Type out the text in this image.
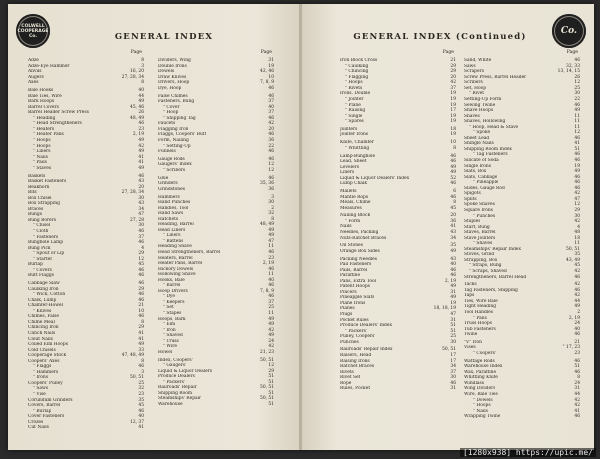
COLWELL
COOPERAGE
Co.	GENERAL INDEX
Page
Adze	8
Adze-Eye Hammer	3
Anvils	16, 20
Augers	27, 28, 34
Axes	8
Bale Hooks	40
Bale Ties, Wire	44
Bark Hoops	49
Barrel Covers	45, 46
Barrel Header Screw Press	26
" Heading	48, 49
" Head Strengtheners	46
" Heaters	23
" Heater Pans	2, 19
" Hoops	49
" Hoops	42
" Liners	49
" Nails	41
" Pails	41
" Staves	49
Baskets	46
Basket Fasteners	43
Beakhorn	20
Bits	27, 28, 34
Box Chisel	30
Box Strapping	43
Braces	34
Bungs	47
Bung Borers	27, 28
" Chisel	30
" Cloth	46
" Fasteners	37
Bunghole Lamp	46
Bung Pick	4
" Spout or Lip	29
" Starter	12
Burlap	45
" Covers	46
Butt Flaggs	46
Cabbage Slaw	46
Caulking Iron	29
" Wick, Cotton	46
Chalk, Lump	46
Chamfer-Howel	21
" Knives	10
Chimes, False	46
Chime Meal	8
Chincing Iron	29
Clinch Nails	41
Clout Nails	41
Coiled Elm Hoops	49
Cold Chisels	33
Cooperage Stock	47, 48, 49
Coopers' Axes	8
" Flaggs	46
" Hammers	3
" Irons	50, 51
Coopers' Pulley	25
" Saws	32
" Vise	23
Corundum Grinders	35
Covers, Barrel	45
" Burlap	46
Cover Fasteners	40
Crozes	12, 37
Cut Nails	41
Page
Dividers, Wing	31
Double Irons	19
Dowels	42, 46
Draw Knives	10
Drivers, Hoop	7, 8, 9
Dye, Hoop	46
False Chimes	46
Fasteners, Bung	37
" Cover	40
" Hoop	37
" Shipping Tag	46
Faucets	42
Flagging Iron	20
Flaggs, Coopers' Butt	46
Form, Nailing	36
" Setting-Up	22
Funnels	46
Gauge Rods	46
Gaugers' Index	12
" Scribers	12
Glue	46
Grinders	35, 36
Grindstones	36
Hammers	3
Hand Punches	30
Handles, Tool	2
Hand Saws	32
Hatchets	8
Heading, Barrel	48, 49
Head Liners	49
" Liners	49
" Battens	47
Heading Shave	11
Head Strengtheners, Barrel	46
Heaters, Barrel	23
Heater Pans, Barrel	2, 19
Hickory Dowels	46
Hollowing Shave	11
Hooks, Bale	40
" Barrel	46
Hoop Drivers	7, 8, 9
" Dye	46
" Keepers	37
" Set	25
" Stapes	11
Hoops, Bark	49
" Elm	49
" Iron	42
" Shaved	49
" Truss	24
" Wire	42
Howel	21, 23
Index, Coopers'	50, 51
" Gaugers'	12
Liquid & Liquor Dealers	29
Produce Dealers	51
" Packers'	51
Railroads' Repair	50, 51
Shipping Room	51
Steamships' Repair	50, 51
Warehouse	51
Co.
GENERAL INDEX (Continued)
Page
Iron Block Cross	21
" Caulking	29
" Chincing	29
" Flagging	20
" Hoops	42
" Rivets	37
Irons, Double	19
" Jointer	19
" Plane	19
" Raising	17
" Single	19
" Spares	19
Jointers	18
Jointer Irons	19
Knife, Chamfer	10
" Whittling	8
Lamp-Bunghole	46
Lead, Sheet	46
Levelers	49
Liners	49
Liquid & Liquor Dealers' Index	52
Lump Chalk	46
Mallets	6
Mantle Rops	46
Meals, Chime	8
Measures	45
Nailing Block	20
" Form	36
Nails	41
Needles, Packing	43
Nuts-Ratchet Braces	34
Oil Stones	35
Orange Box Sides	49
Packing Needles	43
Pail Fasteners	40
Pails, Barrel	46
Paraffine	46
Pans, Extra Tool	2, 19
Patent Hoops	49
Pincers	31
Pineapple Slats	49
Plane Irons	19
Planes	18, 18, 19
Plugs	47
Pocket Rules	31
Produce Dealers' Index	51
" Packers'	51
Pulley, Coopers'	25
Punches	30
Railroads' Repair Index	50, 51
Raisers, Head	17
Raising Irons	17
Ratchet Braces	34
Rivets	37
Rivet Set	30
Rope	46
Rules, Pocket	31
Page
Sand, White	46
Saws	32, 33
Scrapers	13, 14, 15
Screw Press, Barrel Header	26
Scribers	12
Set, Hoop	25
" Rivet	30
Setting-Up Form	22
Sewing Twine	46
Shave Hoops	49
Shaves	11
Shaves, Hollowing	11
" Hoop, Head & Stave	11
" Spoke	12
Sheet Lead	46
Shingle Nails	41
Shipping Room Index	51
" Tag Fasteners	46
Silicate of Soda	46
Single Irons	19
Slats, Box	49
Slats, Cabbage	46
" Pineapple	46
Slides, Gauge Rod	46
Spigots	42
Splits	47
Spoke Shaves	12
Square Irons	29
" Punches	30
Staples	42
Start, Bung	4
Staves, Barrel	48
Stave Jointers	18
" Shaves	11
Steamships' Repair Index	50, 51
Stoves, Grind	35
Strapping, Box	43, 49
" Straps, Bung	45
" Scraps, Shaved	42
Strengtheners, Barrel Head	46
Tacks	42
Tag Fasteners, Shipping	46
Taps	42
Ties, Wire Bale	44
Tight Heading	49
Tool Handles	2
" Pans	2, 19
Truss Hoops	24
Tub Fasteners	40
Twine	46
"V" Iron	21
Vises	“ 17, 23
" Coopers'	23
Wattage Rods	46
Warehouse Index	51
Wax, Paraffine	46
Whittling Knife	8
Windlass	24
Wing Dividers	31
Wire, Bale Ties	44
" Dowels	42
" Hoops	42
" Nails	41
Wrapping Twine	46
[1280x938] https://upic.me/
